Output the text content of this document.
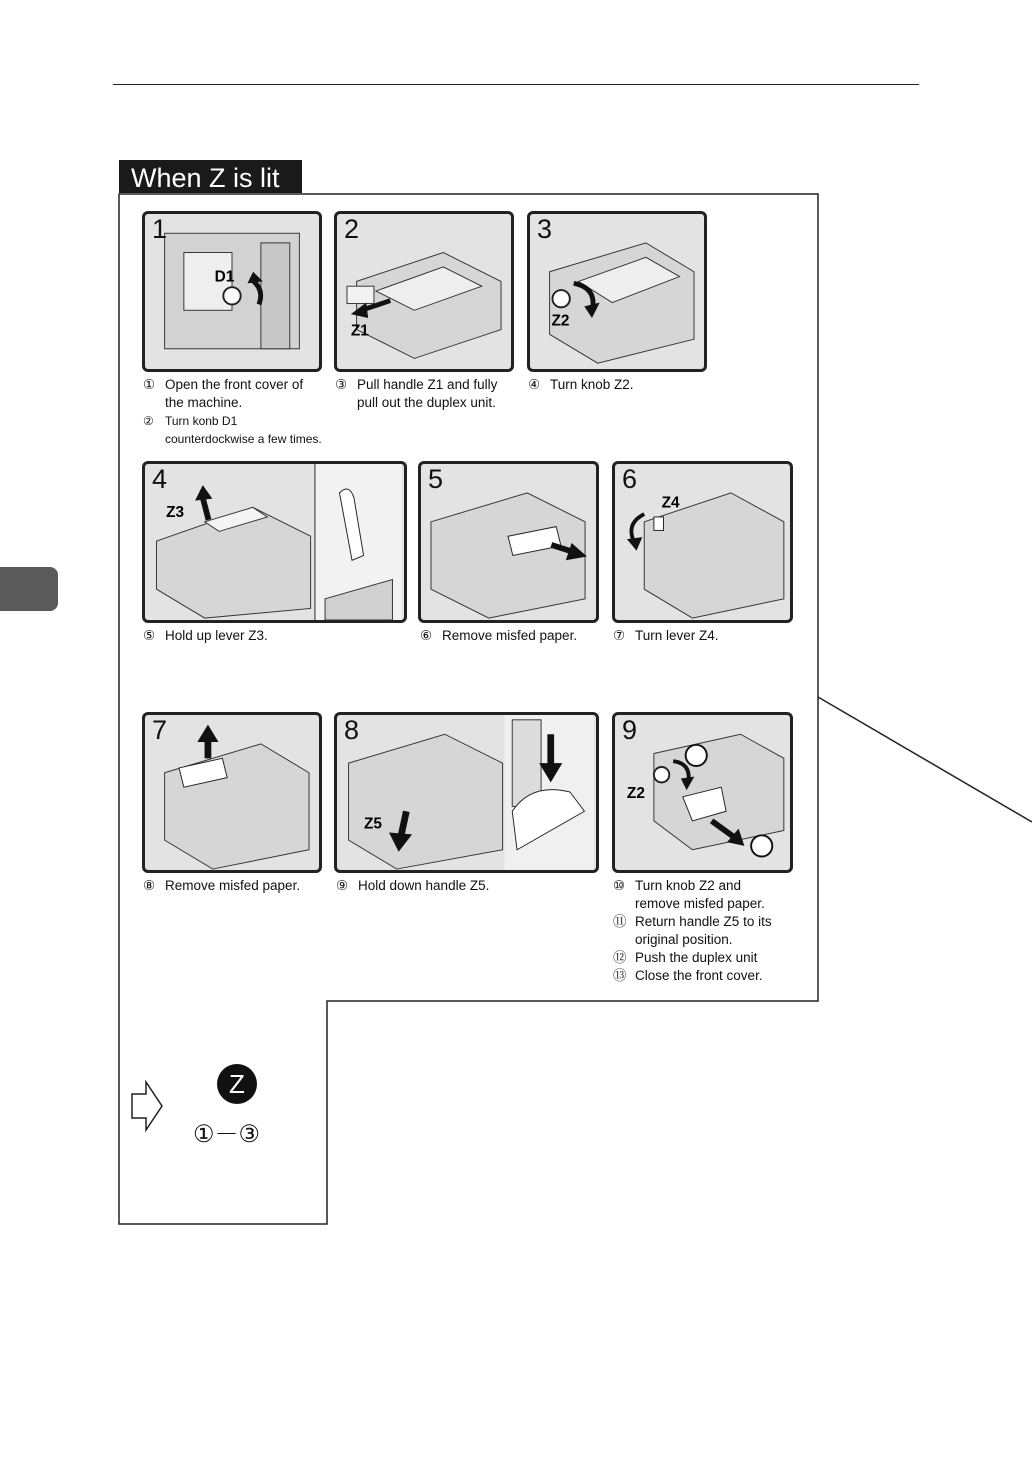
When Z is lit
D1
1
Z1
2
Z2
3
Z3
4	5
Z4
6
7
Z5
8
Z2
9
① Open the front cover of
the machine.
② Turn konb D1
counterdockwise a few times.
③ Pull handle Z1 and fully
pull out the duplex unit.
④ Turn knob Z2.
⑤ Hold up lever Z3.	⑥ Remove misfed paper.	⑦ Turn lever Z4.
⑧ Remove misfed paper.	⑨ Hold down handle Z5.	⑩ Turn knob Z2 and
remove misfed paper.
⑪ Return handle Z5 to its
original position.
⑫ Push the duplex unit
⑬ Close the front cover.
Z
①－③
